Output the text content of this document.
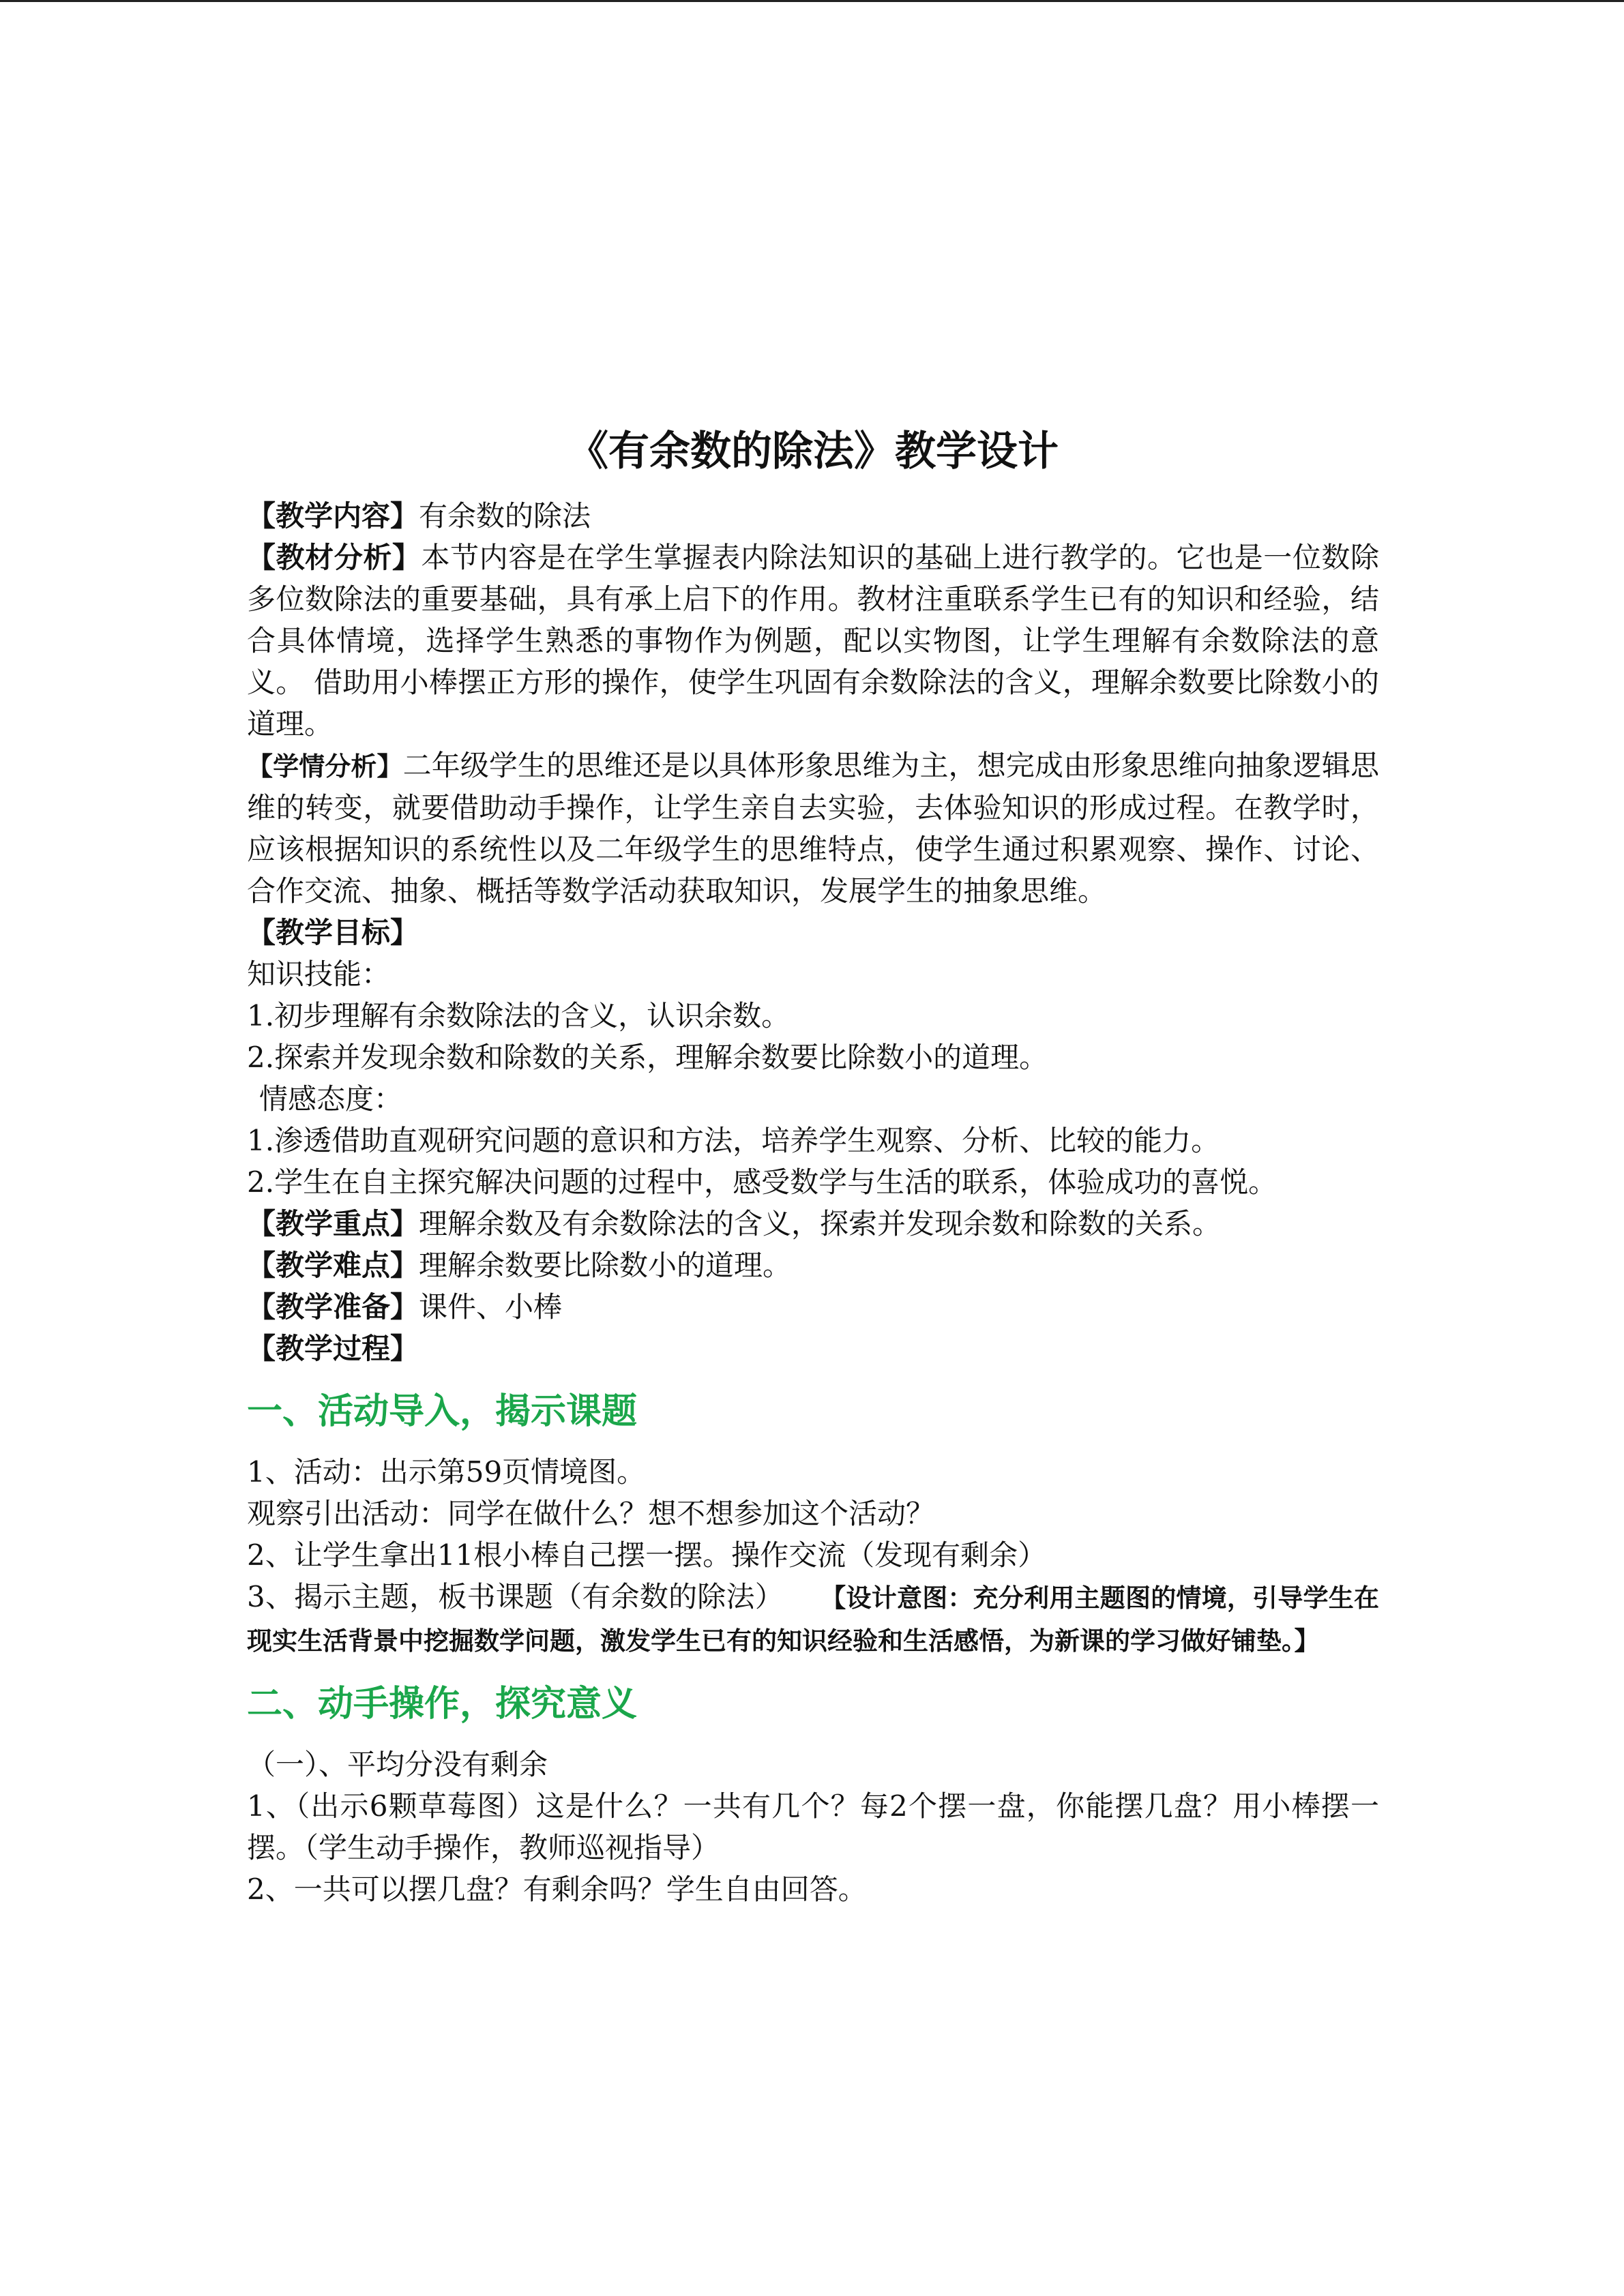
《有余数的除法》教学设计

【教学内容】有余数的除法

【教材分析】本节内容是在学生掌握表内除法知识的基础上进行教学的。它也是一位数除多位数除法的重要基础，具有承上启下的作用。教材注重联系学生已有的知识和经验，结合具体情境，选择学生熟悉的事物作为例题，配以实物图，让学生理解有余数除法的意义。 借助用小棒摆正方形的操作，使学生巩固有余数除法的含义，理解余数要比除数小的道理。

【学情分析】二年级学生的思维还是以具体形象思维为主，想完成由形象思维向抽象逻辑思维的转变，就要借助动手操作，让学生亲自去实验，去体验知识的形成过程。在教学时，应该根据知识的系统性以及二年级学生的思维特点，使学生通过积累观察、操作、讨论、合作交流、抽象、概括等数学活动获取知识，发展学生的抽象思维。

【教学目标】

知识技能：

1.初步理解有余数除法的含义，认识余数。

2.探索并发现余数和除数的关系，理解余数要比除数小的道理。

情感态度：

1.渗透借助直观研究问题的意识和方法，培养学生观察、分析、比较的能力。

2.学生在自主探究解决问题的过程中，感受数学与生活的联系，体验成功的喜悦。

【教学重点】理解余数及有余数除法的含义，探索并发现余数和除数的关系。

【教学难点】理解余数要比除数小的道理。

【教学准备】课件、小棒

【教学过程】

一、活动导入，揭示课题

1、活动：出示第59页情境图。

观察引出活动：同学在做什么？想不想参加这个活动？

2、让学生拿出11根小棒自己摆一摆。操作交流（发现有剩余）

3、揭示主题，板书课题（有余数的除法） 【设计意图：充分利用主题图的情境，引导学生在现实生活背景中挖掘数学问题，激发学生已有的知识经验和生活感悟，为新课的学习做好铺垫。】

二、动手操作，探究意义

（一）、平均分没有剩余

1、（出示6颗草莓图）这是什么？一共有几个？每2个摆一盘，你能摆几盘？用小棒摆一摆。（学生动手操作，教师巡视指导）

2、一共可以摆几盘？有剩余吗？学生自由回答。
